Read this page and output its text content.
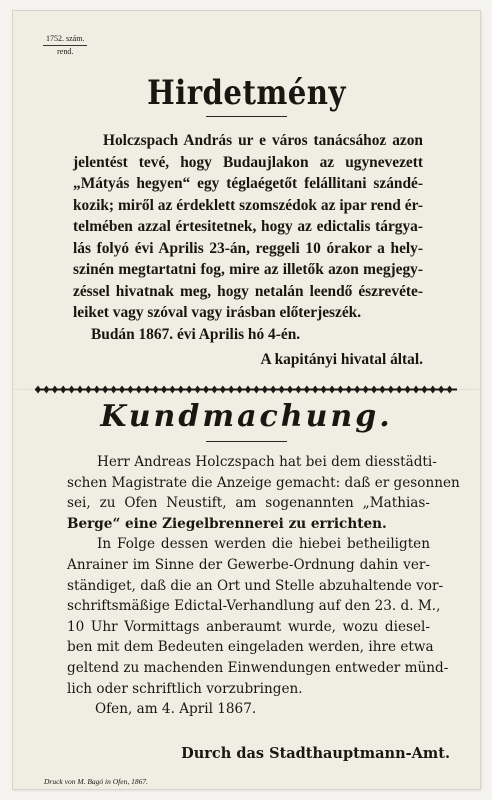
1752. szám.
rend.
Hirdetmény
Holczspach András ur e város tanácsához azon
jelentést tevé, hogy Budaujlakon az ugynevezett
„Mátyás hegyen“ egy téglaégetőt felállitani szándé-
kozik; miről az érdeklett szomszédok az ipar rend ér-
telmében azzal értesitetnek, hogy az edictalis tárgya-
lás folyó évi Aprilis 23-án, reggeli 10 órakor a hely-
szinén megtartatni fog, mire az illetők azon megjegy-
zéssel hivatnak meg, hogy netalán leendő észrevéte-
leiket vagy szóval vagy irásban előterjeszék.
Budán 1867. évi Aprilis hó 4-én.
A kapitányi hivatal által.
Kundmachung.
Herr Andreas Holczspach hat bei dem diesstädti-
schen Magistrate die Anzeige gemacht: daß er gesonnen
sei, zu Ofen Neustift, am sogenannten „Mathias-
Berge“ eine Ziegelbrennerei zu errichten.
In Folge dessen werden die hiebei betheiligten
Anrainer im Sinne der Gewerbe-Ordnung dahin ver-
ständiget, daß die an Ort und Stelle abzuhaltende vor-
schriftsmäßige Edictal-Verhandlung auf den 23. d. M.,
10 Uhr Vormittags anberaumt wurde, wozu diesel-
ben mit dem Bedeuten eingeladen werden, ihre etwa
geltend zu machenden Einwendungen entweder münd-
lich oder schriftlich vorzubringen.
Ofen, am 4. April 1867.
Durch das Stadthauptmann-Amt.
Druck von M. Bagó in Ofen, 1867.
